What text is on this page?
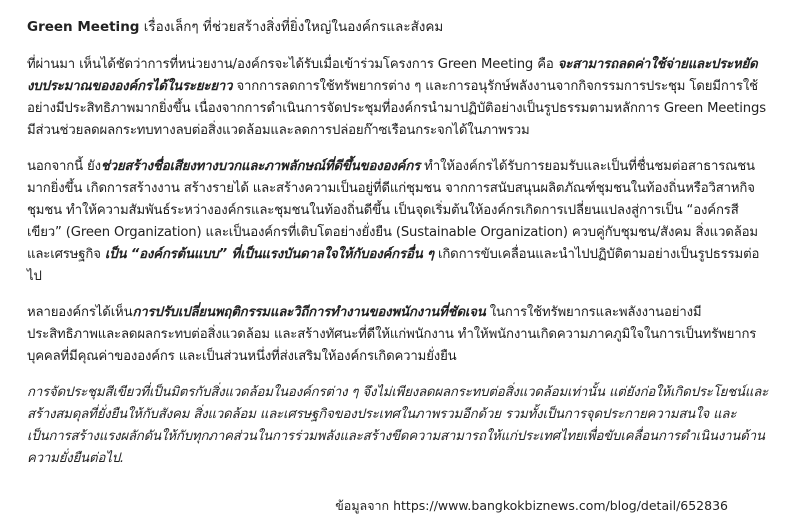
Green Meeting เรื่องเล็กๆ ที่ช่วยสร้างสิ่งที่ยิ่งใหญ่ในองค์กรและสังคม

ที่ผ่านมา เห็นได้ชัดว่าการที่หน่วยงาน/องค์กรจะได้รับเมื่อเข้าร่วมโครงการ Green Meeting คือ จะสามารถลดค่าใช้จ่ายและประหยัดงบประมาณขององค์กรได้ในระยะยาว จากการลดการใช้ทรัพยากรต่าง ๆ และการอนุรักษ์พลังงานจากกิจกรรมการประชุม โดยมีการใช้อย่างมีประสิทธิภาพมากยิ่งขึ้น เนื่องจากการดำเนินการจัดประชุมที่องค์กรนำมาปฏิบัติอย่างเป็นรูปธรรมตามหลักการ Green Meetings มีส่วนช่วยลดผลกระทบทางลบต่อสิ่งแวดล้อมและลดการปล่อยก๊าซเรือนกระจกได้ในภาพรวม

นอกจากนี้ ยังช่วยสร้างชื่อเสียงทางบวกและภาพลักษณ์ที่ดีขึ้นขององค์กร ทำให้องค์กรได้รับการยอมรับและเป็นที่ชื่นชมต่อสาธารณชนมากยิ่งขึ้น เกิดการสร้างงาน สร้างรายได้ และสร้างความเป็นอยู่ที่ดีแก่ชุมชน จากการสนับสนุนผลิตภัณฑ์ชุมชนในท้องถิ่นหรือวิสาหกิจชุมชน ทำให้ความสัมพันธ์ระหว่างองค์กรและชุมชนในท้องถิ่นดีขึ้น เป็นจุดเริ่มต้นให้องค์กรเกิดการเปลี่ยนแปลงสู่การเป็น “องค์กรสีเขียว” (Green Organization) และเป็นองค์กรที่เติบโตอย่างยั่งยืน (Sustainable Organization) ควบคู่กับชุมชน/สังคม สิ่งแวดล้อม และเศรษฐกิจ เป็น “องค์กรต้นแบบ” ที่เป็นแรงบันดาลใจให้กับองค์กรอื่น ๆ เกิดการขับเคลื่อนและนำไปปฏิบัติตามอย่างเป็นรูปธรรมต่อไป

หลายองค์กรได้เห็นการปรับเปลี่ยนพฤติกรรมและวิถีการทำงานของพนักงานที่ชัดเจน ในการใช้ทรัพยากรและพลังงานอย่างมีประสิทธิภาพและลดผลกระทบต่อสิ่งแวดล้อม และสร้างทัศนะที่ดีให้แก่พนักงาน ทำให้พนักงานเกิดความภาคภูมิใจในการเป็นทรัพยากรบุคคลที่มีคุณค่าขององค์กร และเป็นส่วนหนึ่งที่ส่งเสริมให้องค์กรเกิดความยั่งยืน

การจัดประชุมสีเขียวที่เป็นมิตรกับสิ่งแวดล้อมในองค์กรต่าง ๆ จึงไม่เพียงลดผลกระทบต่อสิ่งแวดล้อมเท่านั้น แต่ยังก่อให้เกิดประโยชน์และสร้างสมดุลที่ยั่งยืนให้กับสังคม สิ่งแวดล้อม และเศรษฐกิจของประเทศในภาพรวมอีกด้วย รวมทั้งเป็นการจุดประกายความสนใจ และเป็นการสร้างแรงผลักดันให้กับทุกภาคส่วนในการร่วมพลังและสร้างขีดความสามารถให้แก่ประเทศไทยเพื่อขับเคลื่อนการดำเนินงานด้านความยั่งยืนต่อไป.

ข้อมูลจาก https://www.bangkokbiznews.com/blog/detail/652836
